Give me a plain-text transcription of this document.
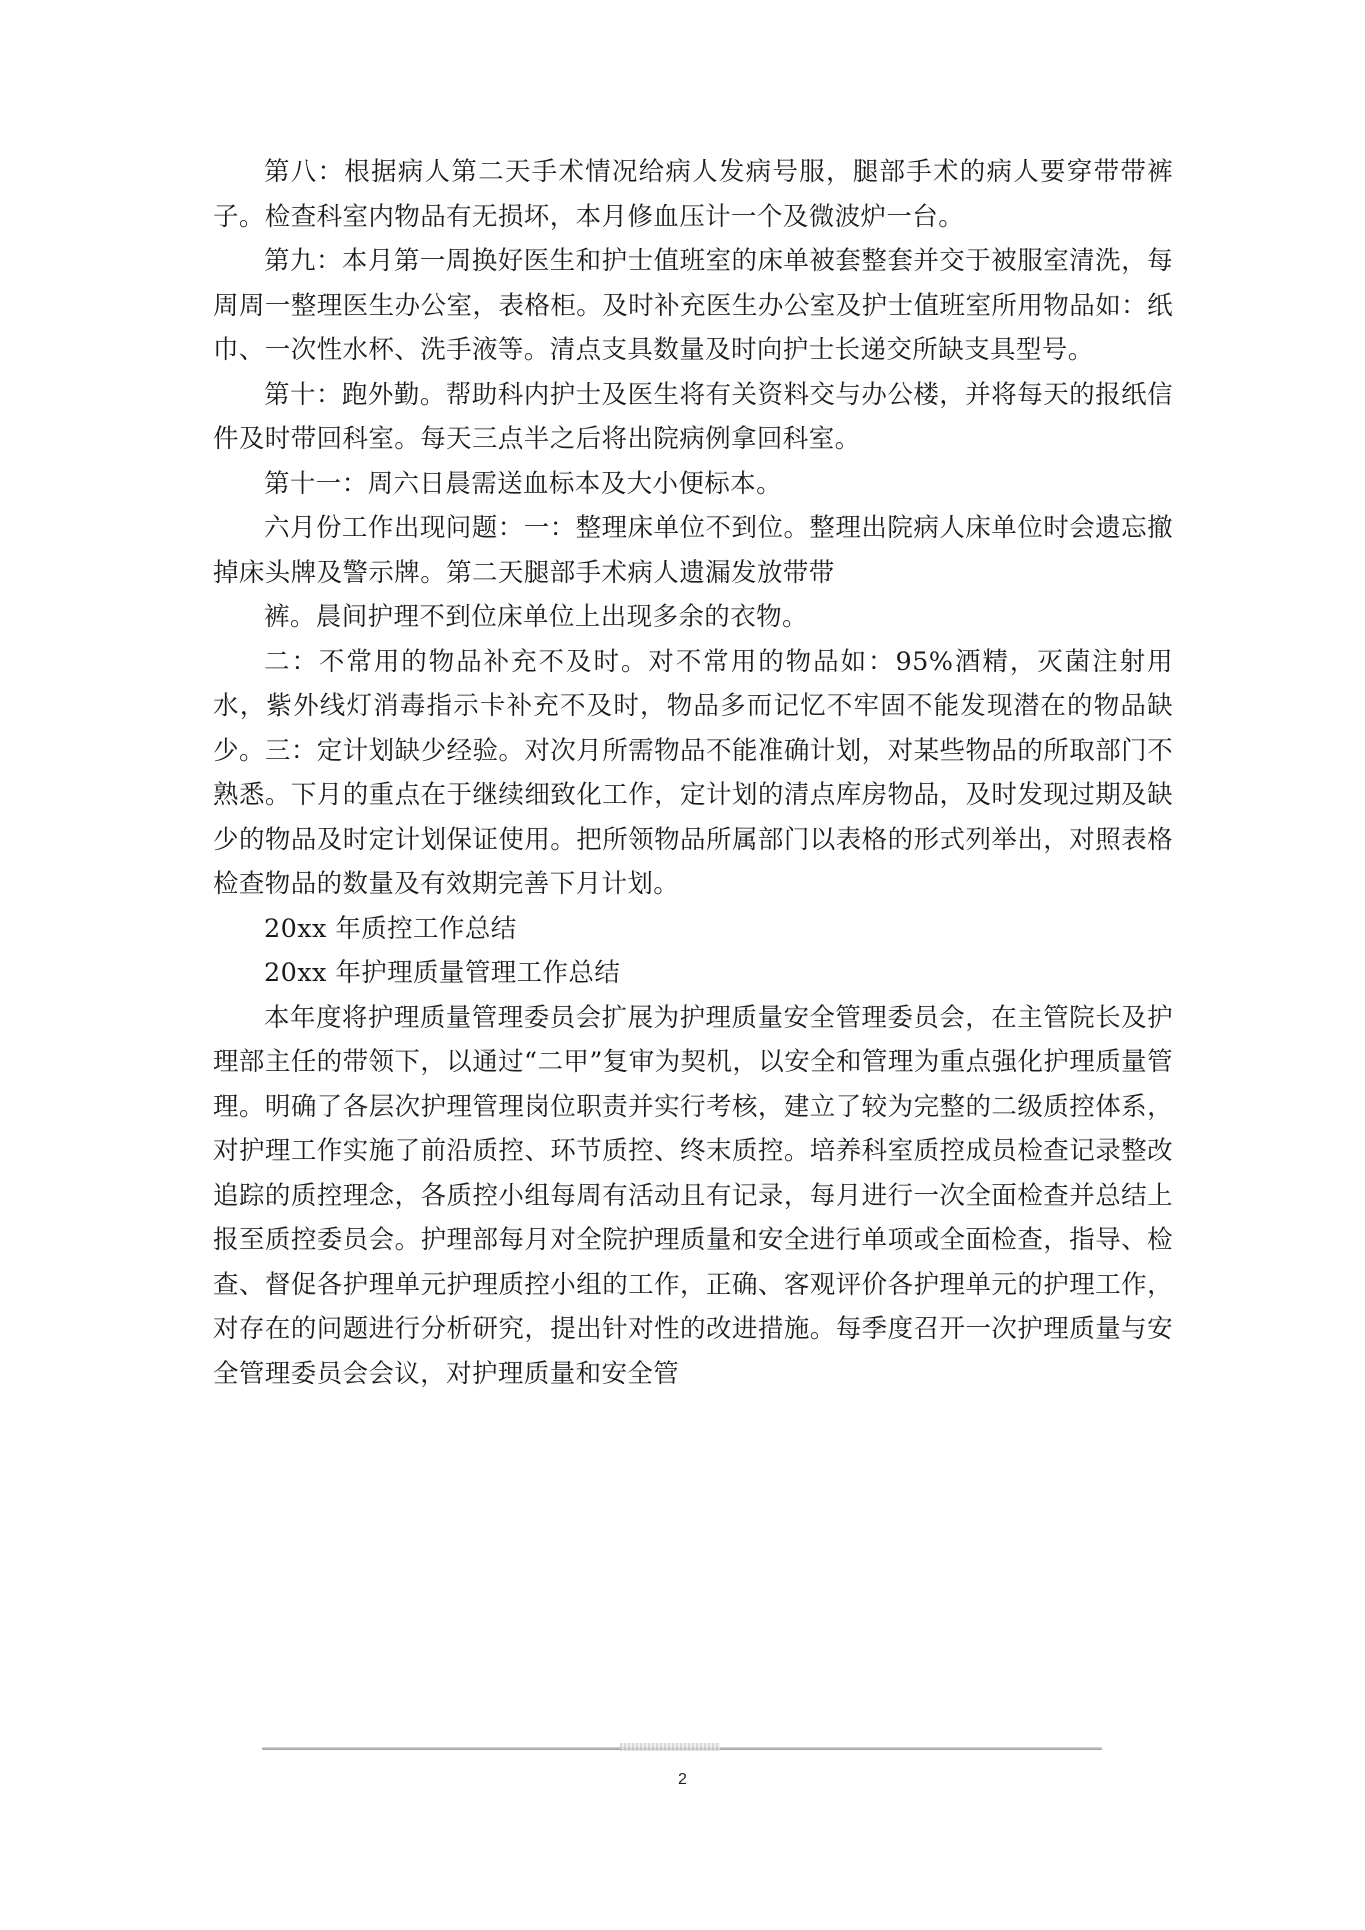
第八：根据病人第二天手术情况给病人发病号服，腿部手术的病人要穿带带裤子。检查科室内物品有无损坏，本月修血压计一个及微波炉一台。

第九：本月第一周换好医生和护士值班室的床单被套整套并交于被服室清洗，每周周一整理医生办公室，表格柜。及时补充医生办公室及护士值班室所用物品如：纸巾、一次性水杯、洗手液等。清点支具数量及时向护士长递交所缺支具型号。

第十：跑外勤。帮助科内护士及医生将有关资料交与办公楼，并将每天的报纸信件及时带回科室。每天三点半之后将出院病例拿回科室。

第十一：周六日晨需送血标本及大小便标本。

六月份工作出现问题：一：整理床单位不到位。整理出院病人床单位时会遗忘撤掉床头牌及警示牌。第二天腿部手术病人遗漏发放带带

裤。晨间护理不到位床单位上出现多余的衣物。

二：不常用的物品补充不及时。对不常用的物品如：95%酒精，灭菌注射用水，紫外线灯消毒指示卡补充不及时，物品多而记忆不牢固不能发现潜在的物品缺少。三：定计划缺少经验。对次月所需物品不能准确计划，对某些物品的所取部门不熟悉。下月的重点在于继续细致化工作，定计划的清点库房物品，及时发现过期及缺少的物品及时定计划保证使用。把所领物品所属部门以表格的形式列举出，对照表格检查物品的数量及有效期完善下月计划。

20xx 年质控工作总结

20xx 年护理质量管理工作总结

本年度将护理质量管理委员会扩展为护理质量安全管理委员会，在主管院长及护理部主任的带领下，以通过“二甲”复审为契机，以安全和管理为重点强化护理质量管理。明确了各层次护理管理岗位职责并实行考核，建立了较为完整的二级质控体系，对护理工作实施了前沿质控、环节质控、终末质控。培养科室质控成员检查记录整改追踪的质控理念，各质控小组每周有活动且有记录，每月进行一次全面检查并总结上报至质控委员会。护理部每月对全院护理质量和安全进行单项或全面检查，指导、检查、督促各护理单元护理质控小组的工作，正确、客观评价各护理单元的护理工作，对存在的问题进行分析研究，提出针对性的改进措施。每季度召开一次护理质量与安全管理委员会会议，对护理质量和安全管

2
